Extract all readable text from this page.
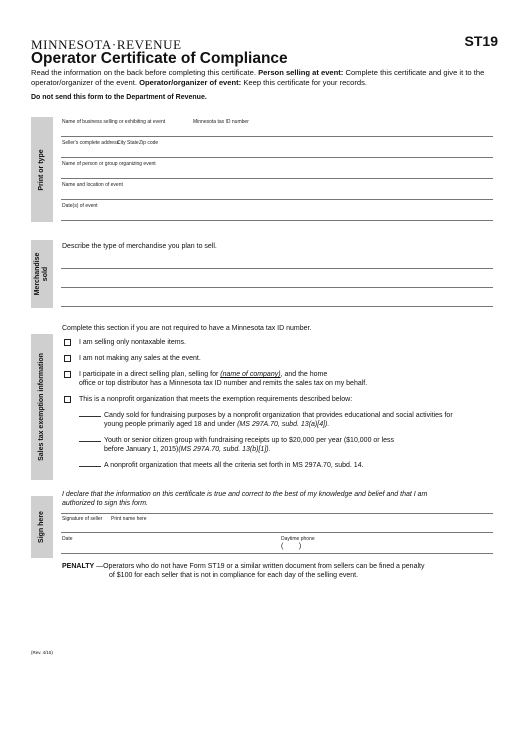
MINNESOTA·REVENUE	ST19
Operator Certificate of Compliance
Read the information on the back before completing this certificate. Person selling at event: Complete this certificate and give it to the operator/organizer of the event. Operator/organizer of event: Keep this certificate for your records.
Do not send this form to the Department of Revenue.
Print or type
Name of business selling or exhibiting at event	Minnesota tax ID number
Seller's complete address
City State Zip code
Name of person or group organizing event
Name and location of event
Date(s) of event
Merchandise sold
Describe the type of merchandise you plan to sell.
Sales tax exemption information
Complete this section if you are not required to have a Minnesota tax ID number.
I am selling only nontaxable items.
I am not making any sales at the event.
I participate in a direct selling plan, selling for (name of company), and the home
office or top distributor has a Minnesota tax ID number and remits the sales tax on my behalf.
This is a nonprofit organization that meets the exemption requirements described below:
Candy sold for fundraising purposes by a nonprofit organization that provides educational and social activities for
young people primarily aged 18 and under (MS 297A.70, subd. 13(a)[4]).
Youth or senior citizen group with fundraising receipts up to $20,000 per year ($10,000 or less
before January 1, 2015)(MS 297A.70, subd. 13(b)[1]).
A nonprofit organization that meets all the criteria set forth in MS 297A.70, subd. 14.
Sign here
I declare that the information on this certificate is true and correct to the best of my knowledge and belief and that I am
authorized to sign this form.
Signature of seller Print name here
Date	Daytime phone
(        )
PENALTY —Operators who do not have Form ST19 or a similar written document from sellers can be fined a penalty
of $100 for each seller that is not in compliance for each day of the selling event.
(Rev. 4/15)
